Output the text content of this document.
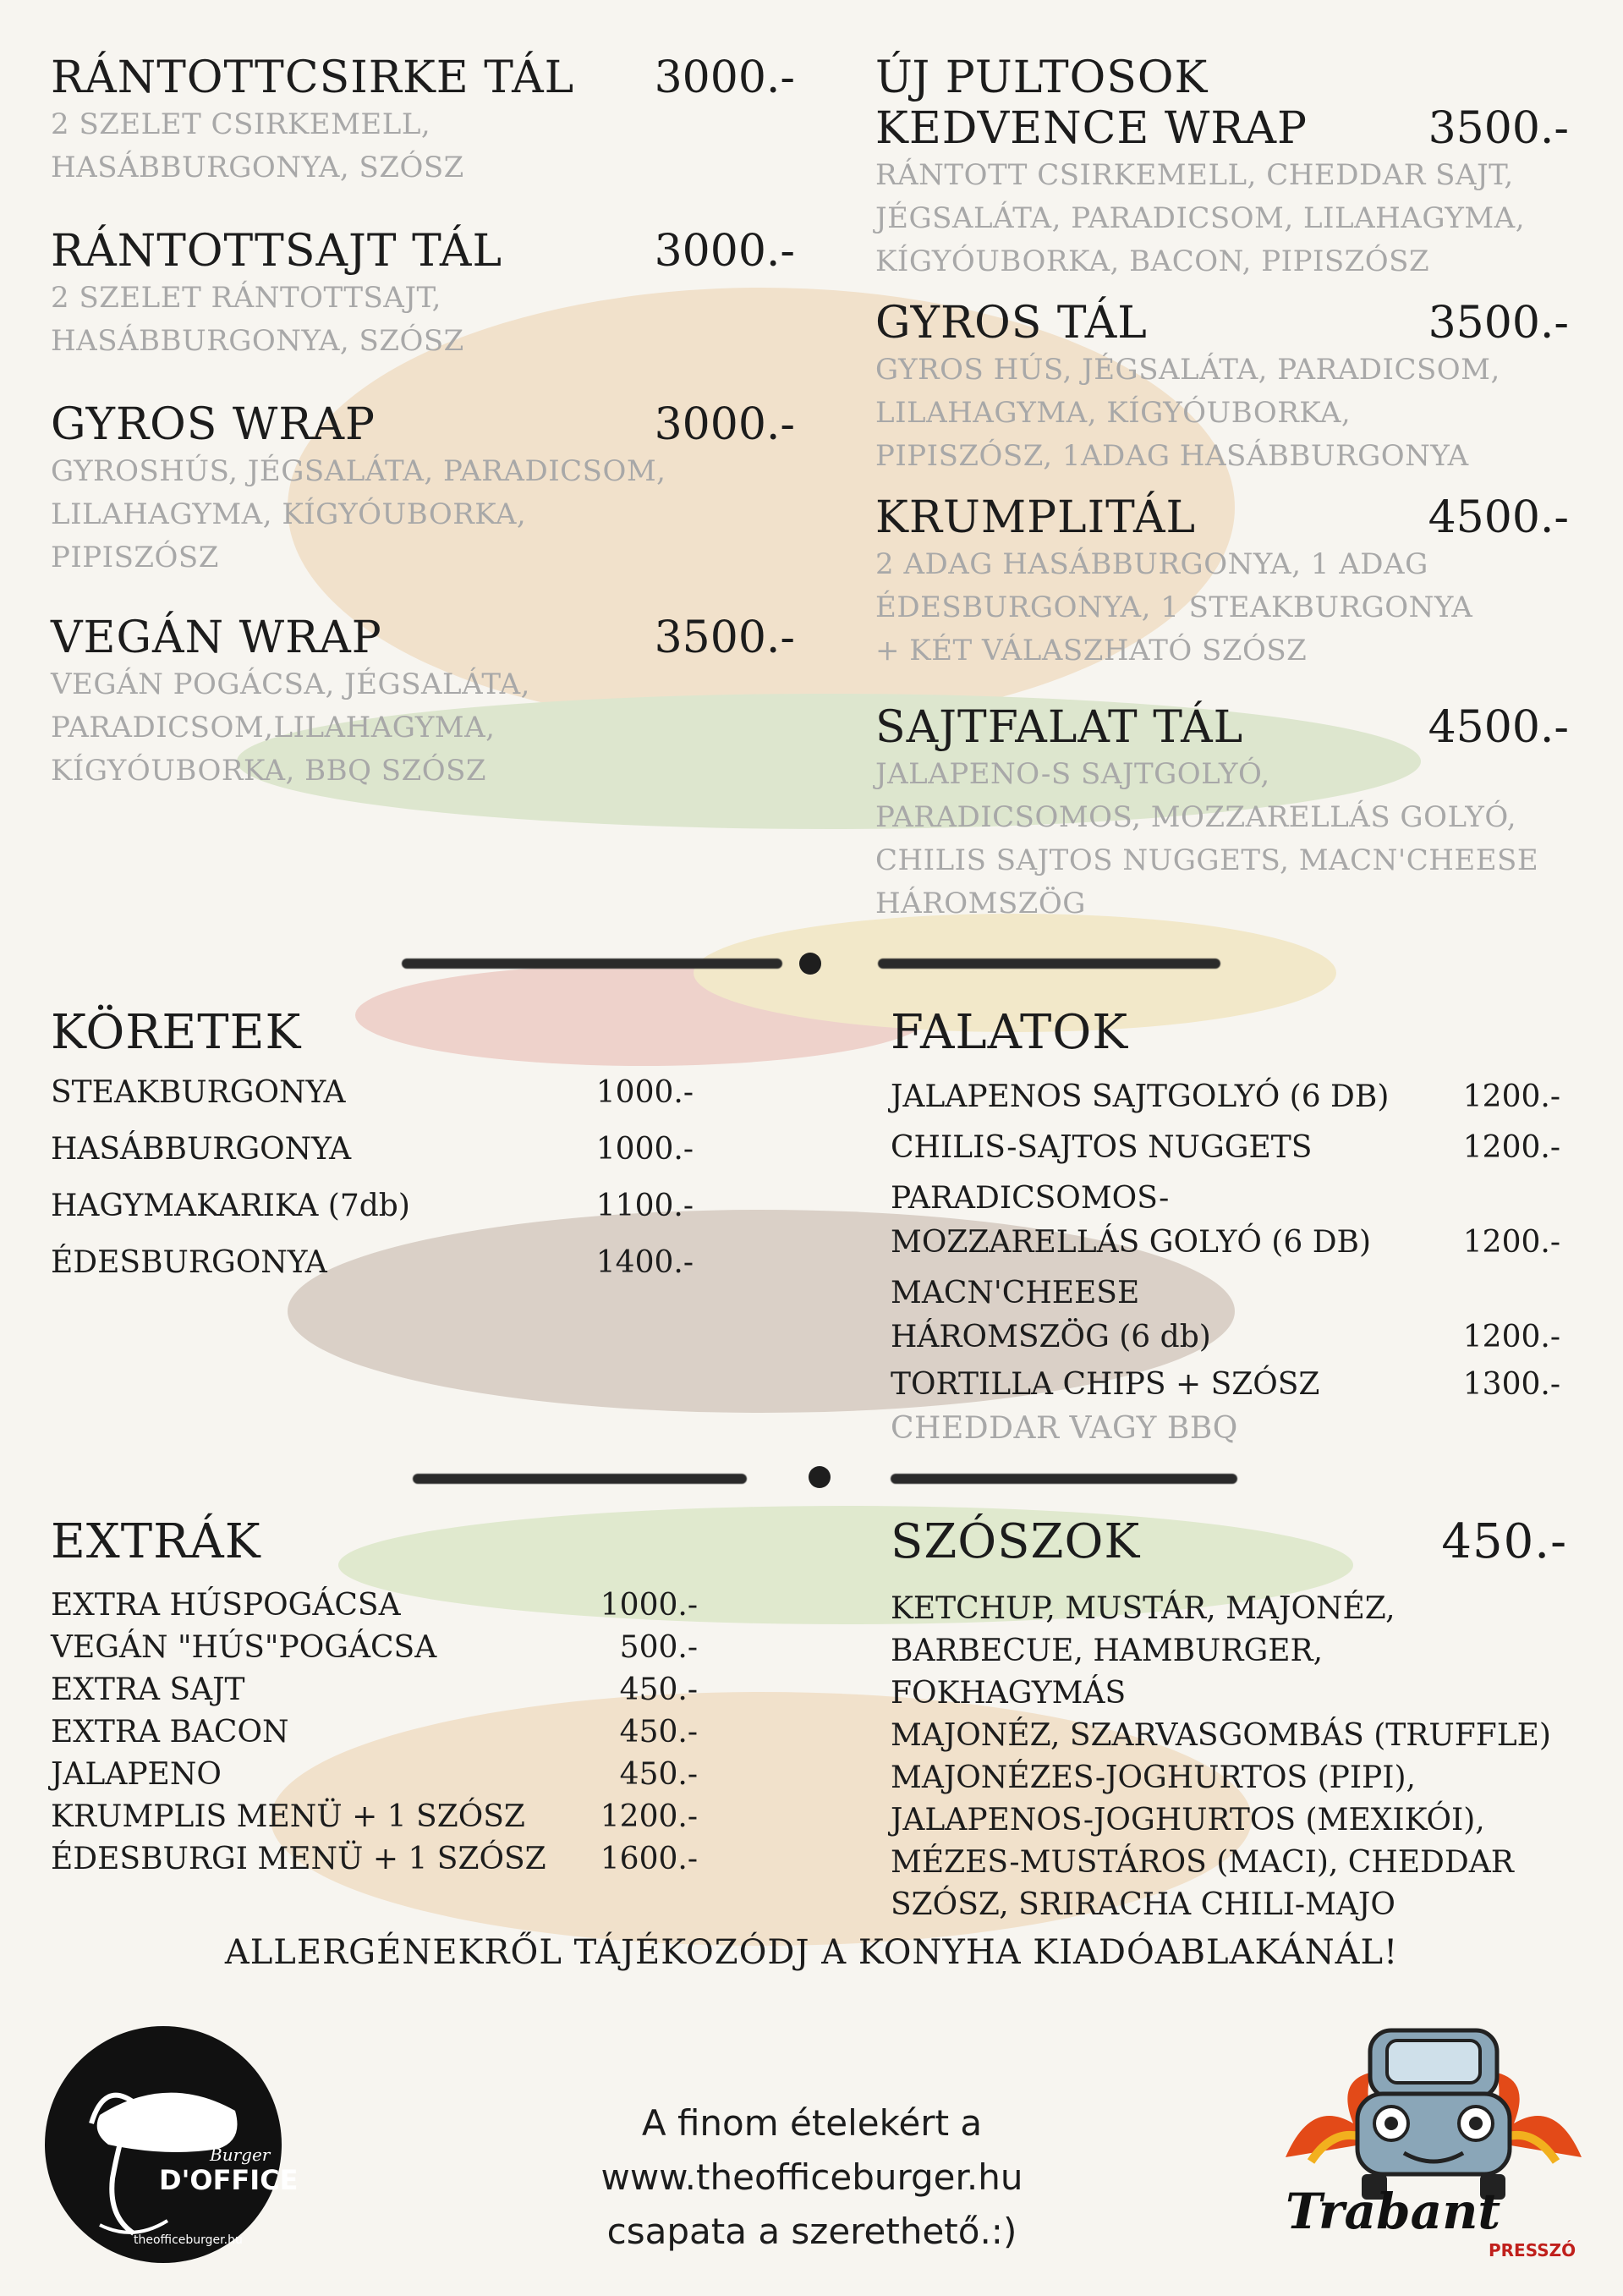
RÁNTOTTCSIRKE TÁL 3000.-
2 SZELET CSIRKEMELL,
HASÁBBURGONYA, SZÓSZ
RÁNTOTTSAJT TÁL	3000.-
2 SZELET RÁNTOTTSAJT,
HASÁBBURGONYA, SZÓSZ
GYROS WRAP	3000.-
GYROSHÚS, JÉGSALÁTA, PARADICSOM,
LILAHAGYMA, KÍGYÓUBORKA,
PIPISZÓSZ
VEGÁN WRAP	3500.-
VEGÁN POGÁCSA, JÉGSALÁTA,
PARADICSOM,LILAHAGYMA,
KÍGYÓUBORKA, BBQ SZÓSZ
ÚJ PULTOSOK
KEDVENCE WRAP	3500.-
RÁNTOTT CSIRKEMELL, CHEDDAR SAJT,
JÉGSALÁTA, PARADICSOM, LILAHAGYMA,
KÍGYÓUBORKA, BACON, PIPISZÓSZ
GYROS TÁL	3500.-
GYROS HÚS, JÉGSALÁTA, PARADICSOM,
LILAHAGYMA, KÍGYÓUBORKA,
PIPISZÓSZ, 1ADAG HASÁBBURGONYA
KRUMPLITÁL	4500.-
2 ADAG HASÁBBURGONYA, 1 ADAG
ÉDESBURGONYA, 1 STEAKBURGONYA
+ KÉT VÁLASZHATÓ SZÓSZ
SAJTFALAT TÁL	4500.-
JALAPENO-S SAJTGOLYÓ,
PARADICSOMOS, MOZZARELLÁS GOLYÓ,
CHILIS SAJTOS NUGGETS, MACN'CHEESE
HÁROMSZÖG
KÖRETEK
STEAKBURGONYA	1000.-
HASÁBBURGONYA	1000.-
HAGYMAKARIKA (7db)	1100.-
ÉDESBURGONYA	1400.-
FALATOK
JALAPENOS SAJTGOLYÓ (6 DB) 1200.-
CHILIS-SAJTOS NUGGETS	1200.-
PARADICSOMOS-
MOZZARELLÁS GOLYÓ (6 DB)	1200.-
MACN'CHEESE
HÁROMSZÖG (6 db)	1200.-
TORTILLA CHIPS + SZÓSZ	1300.-
CHEDDAR VAGY BBQ
EXTRÁK
EXTRA HÚSPOGÁCSA	1000.-
VEGÁN "HÚS"POGÁCSA	500.-
EXTRA SAJT	450.-
EXTRA BACON	450.-
JALAPENO	450.-
KRUMPLIS MENÜ + 1 SZÓSZ 1200.-
ÉDESBURGI MENÜ + 1 SZÓSZ 1600.-
SZÓSZOK	450.-
KETCHUP, MUSTÁR, MAJONÉZ,
BARBECUE, HAMBURGER, FOKHAGYMÁS
MAJONÉZ, SZARVASGOMBÁS (TRUFFLE)
MAJONÉZES-JOGHURTOS (PIPI),
JALAPENOS-JOGHURTOS (MEXIKÓI),
MÉZES-MUSTÁROS (MACI), CHEDDAR
SZÓSZ, SRIRACHA CHILI-MAJO
ALLERGÉNEKRŐL TÁJÉKOZÓDJ A KONYHA KIADÓABLAKÁNÁL!
Burger
D'OFFICE
theofficeburger.hu
A finom ételekért a
www.theofficeburger.hu
csapata a szerethető.:)	Trabant
PRESSZÓ
